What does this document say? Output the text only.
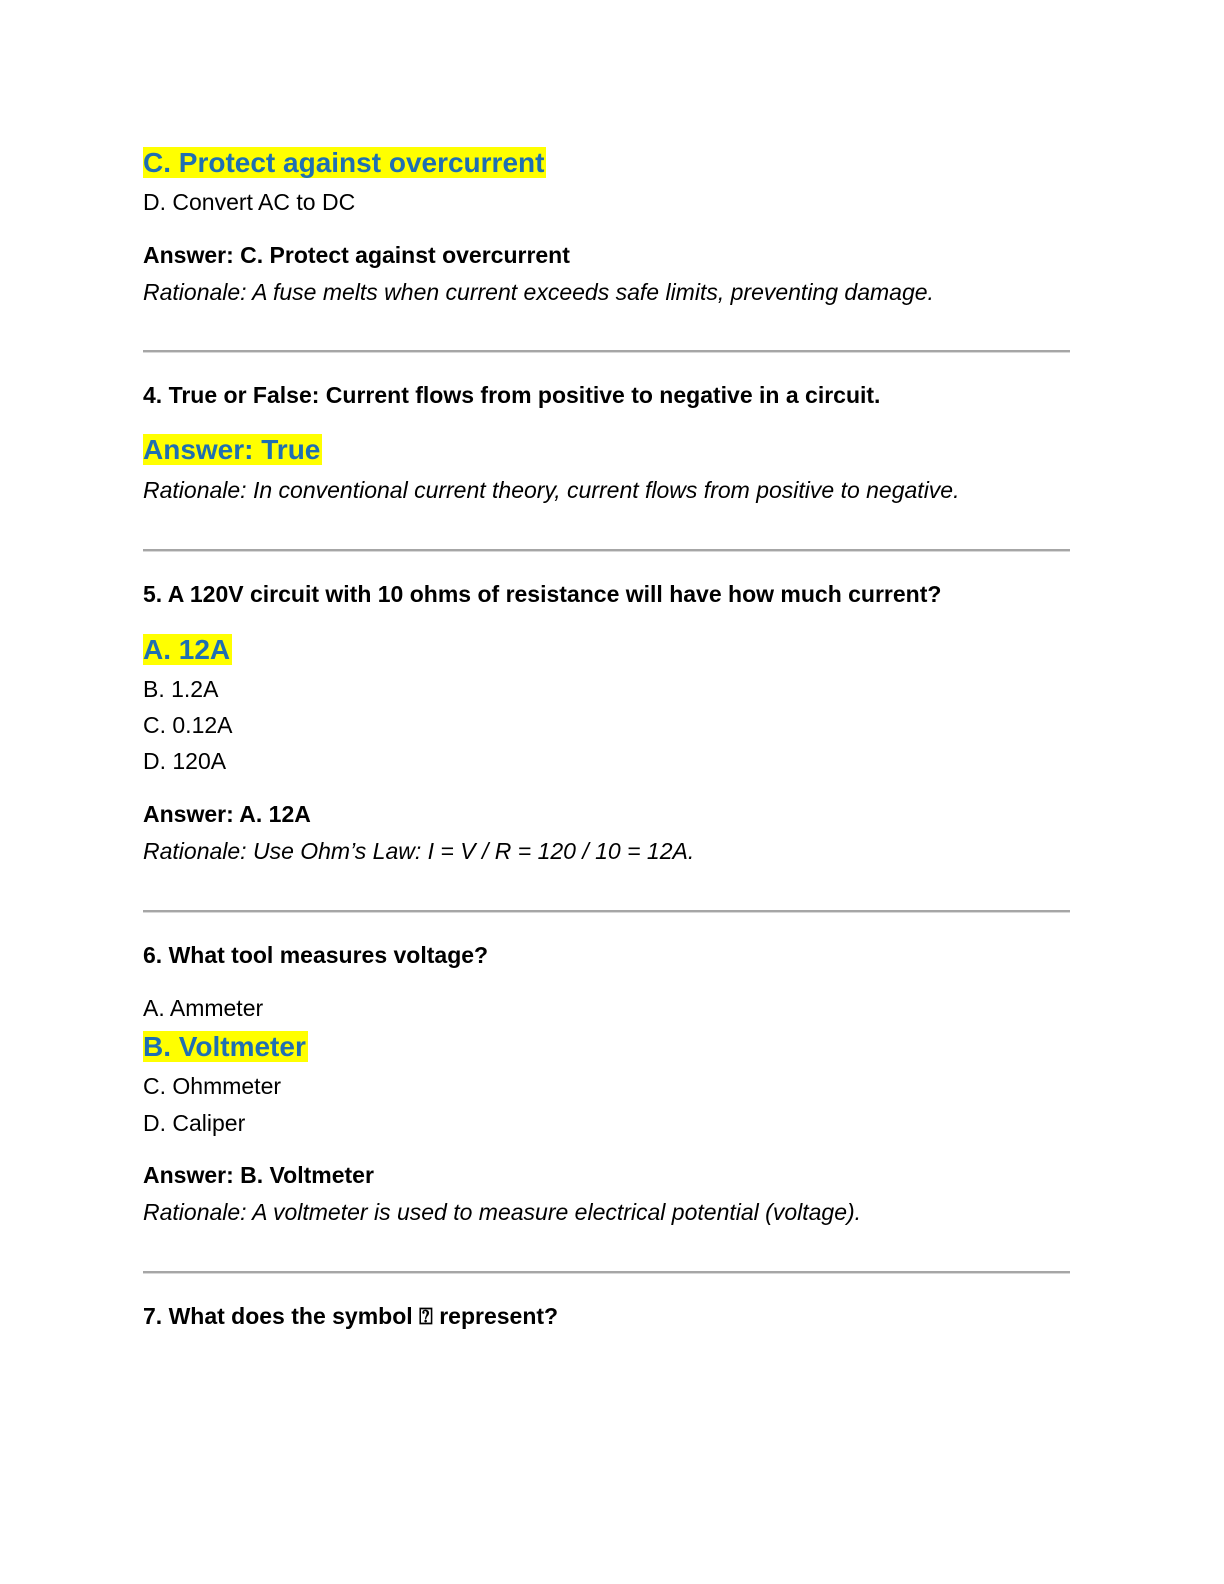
C. Protect against overcurrent
D. Convert AC to DC
Answer: C. Protect against overcurrent
Rationale: A fuse melts when current exceeds safe limits, preventing damage.
4. True or False: Current flows from positive to negative in a circuit.
Answer: True
Rationale: In conventional current theory, current flows from positive to negative.
5. A 120V circuit with 10 ohms of resistance will have how much current?
A. 12A
B. 1.2A
C. 0.12A
D. 120A
Answer: A. 12A
Rationale: Use Ohm’s Law: I = V / R = 120 / 10 = 12A.
6. What tool measures voltage?
A. Ammeter
B. Voltmeter
C. Ohmmeter
D. Caliper
Answer: B. Voltmeter
Rationale: A voltmeter is used to measure electrical potential (voltage).
7. What does the symbol ⍰ represent?
